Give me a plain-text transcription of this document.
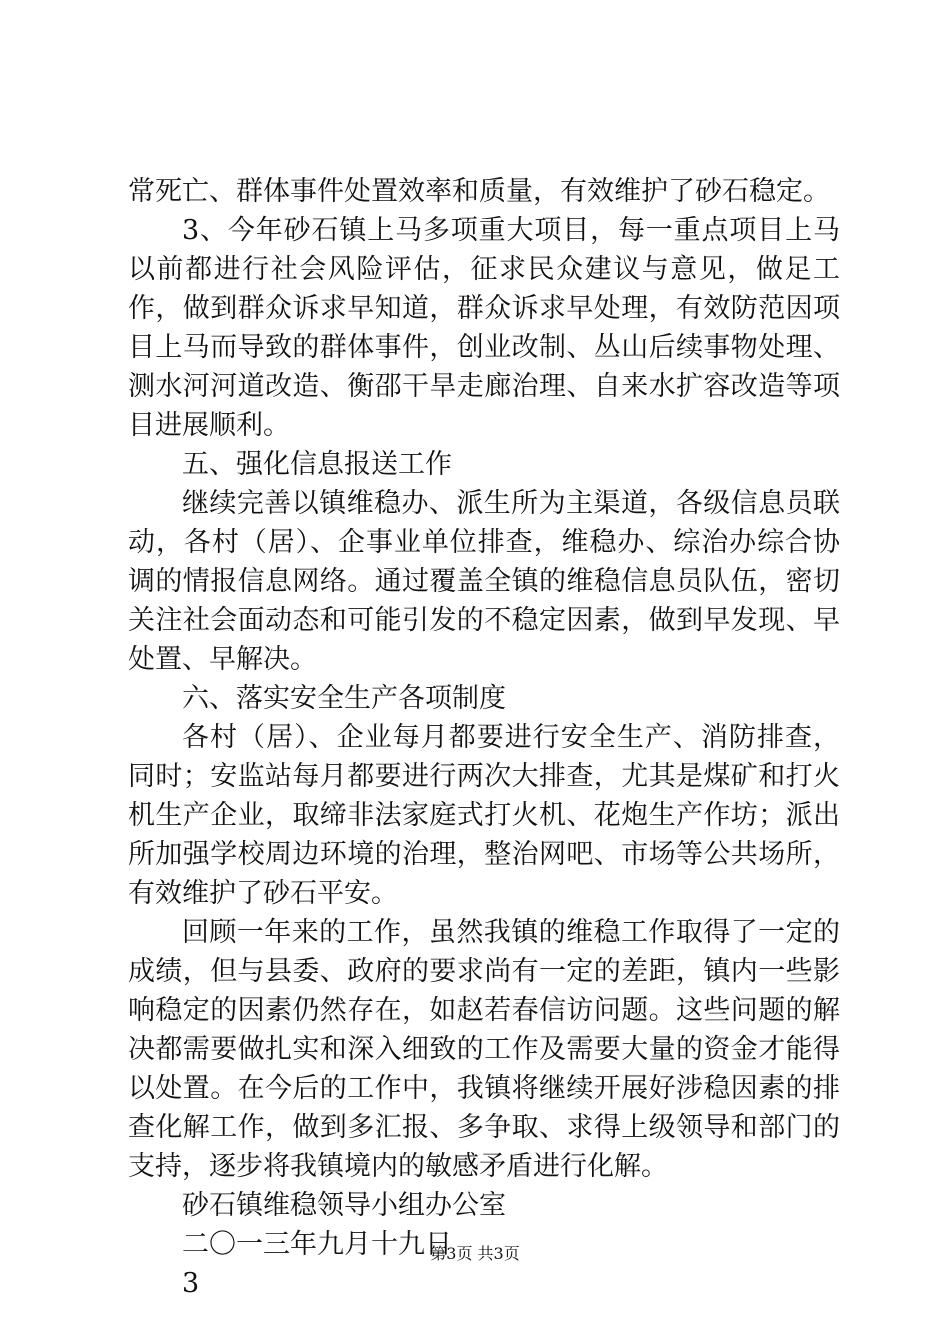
常死亡、群体事件处置效率和质量，有效维护了砂石稳定。

3、今年砂石镇上马多项重大项目，每一重点项目上马以前都进行社会风险评估，征求民众建议与意见，做足工作，做到群众诉求早知道，群众诉求早处理，有效防范因项目上马而导致的群体事件，创业改制、丛山后续事物处理、测水河河道改造、衡邵干旱走廊治理、自来水扩容改造等项目进展顺利。

五、强化信息报送工作

继续完善以镇维稳办、派生所为主渠道，各级信息员联动，各村（居）、企事业单位排查，维稳办、综治办综合协调的情报信息网络。通过覆盖全镇的维稳信息员队伍，密切关注社会面动态和可能引发的不稳定因素，做到早发现、早处置、早解决。

六、落实安全生产各项制度

各村（居）、企业每月都要进行安全生产、消防排查，同时；安监站每月都要进行两次大排查，尤其是煤矿和打火机生产企业，取缔非法家庭式打火机、花炮生产作坊；派出所加强学校周边环境的治理，整治网吧、市场等公共场所，有效维护了砂石平安。

回顾一年来的工作，虽然我镇的维稳工作取得了一定的成绩，但与县委、政府的要求尚有一定的差距，镇内一些影响稳定的因素仍然存在，如赵若春信访问题。这些问题的解决都需要做扎实和深入细致的工作及需要大量的资金才能得以处置。在今后的工作中，我镇将继续开展好涉稳因素的排查化解工作，做到多汇报、多争取、求得上级领导和部门的支持，逐步将我镇境内的敏感矛盾进行化解。

砂石镇维稳领导小组办公室

二〇一三年九月十九日

3

第3页 共3页
